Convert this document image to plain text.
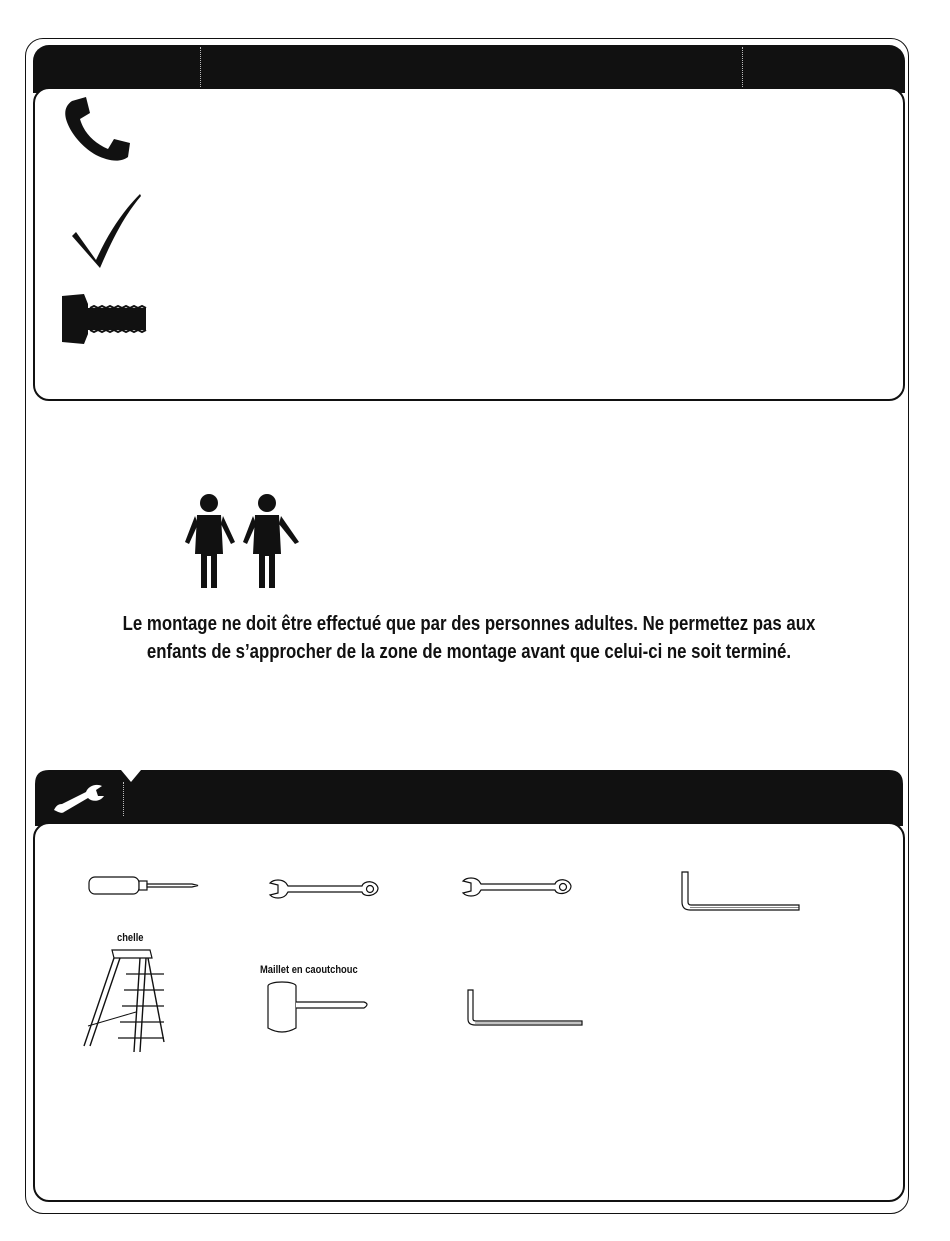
Le montage ne doit être effectué que par des personnes adultes. Ne permettez pas aux
enfants de s’approcher de la zone de montage avant que celui-ci ne soit terminé.
chelle
Maillet en caoutchouc
